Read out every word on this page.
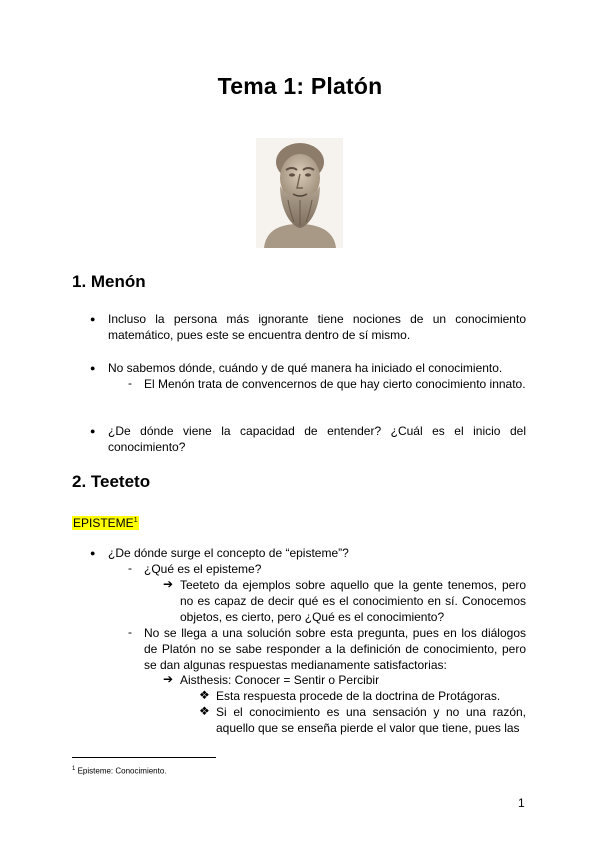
Tema 1: Platón
1. Menón
● Incluso la persona más ignorante tiene nociones de un conocimiento matemático, pues este se encuentra dentro de sí mismo.
● No sabemos dónde, cuándo y de qué manera ha iniciado el conocimiento.
- El Menón trata de convencernos de que hay cierto conocimiento innato.
● ¿De dónde viene la capacidad de entender? ¿Cuál es el inicio del conocimiento?
2. Teeteto
EPISTEME$^1$
● ¿De dónde surge el concepto de “episteme”?
- ¿Qué es el episteme?
➔ Teeteto da ejemplos sobre aquello que la gente tenemos, pero no es capaz de decir qué es el conocimiento en sí. Conocemos objetos, es cierto, pero ¿Qué es el conocimiento?
- No se llega a una solución sobre esta pregunta, pues en los diálogos de Platón no se sabe responder a la definición de conocimiento, pero se dan algunas respuestas medianamente satisfactorias:
➔ Aisthesis: Conocer = Sentir o Percibir
❖ Esta respuesta procede de la doctrina de Protágoras.
❖ Si el conocimiento es una sensación y no una razón, aquello que se enseña pierde el valor que tiene, pues las
$^1$ Episteme: Conocimiento.
1
